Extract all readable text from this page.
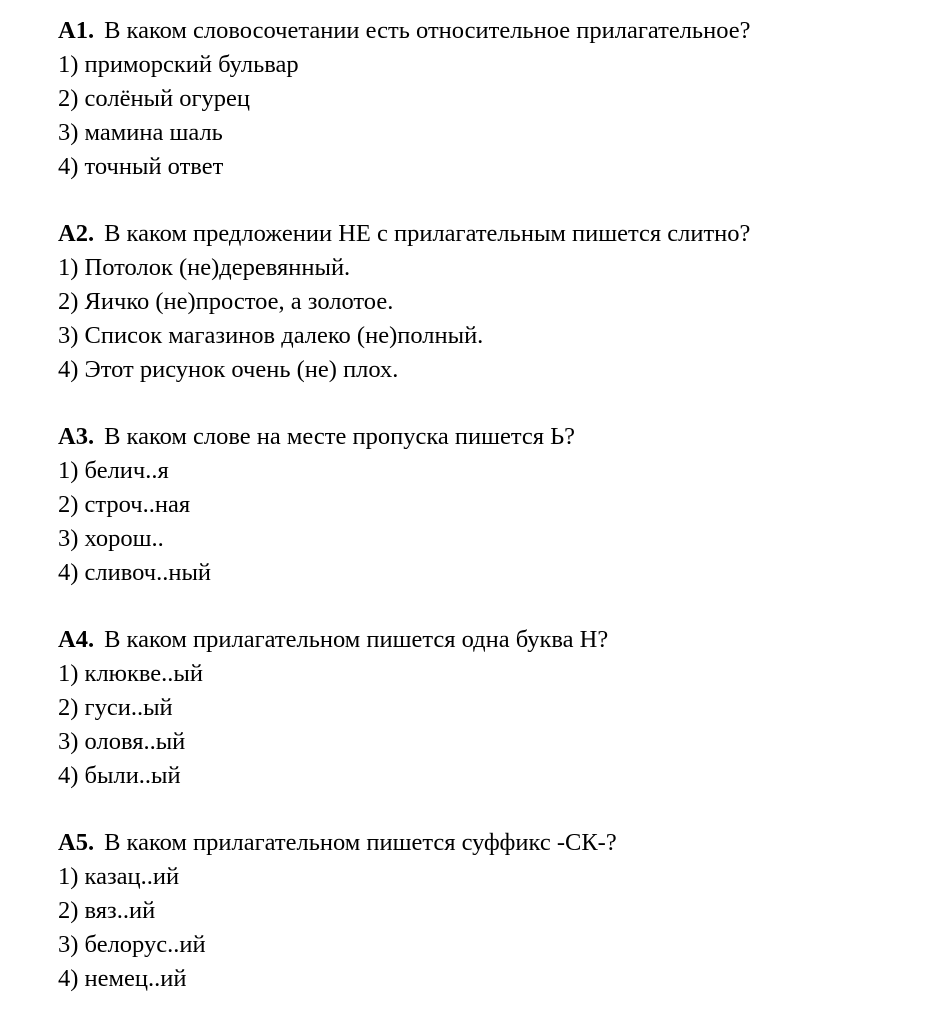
А1. В каком словосочетании есть относительное прилагательное?
1) приморский бульвар
2) солёный огурец
3) мамина шаль
4) точный ответ
А2. В каком предложении НЕ с прилагательным пишется слитно?
1) Потолок (не)деревянный.
2) Яичко (не)простое, а золотое.
3) Список магазинов далеко (не)полный.
4) Этот рисунок очень (не) плох.
А3. В каком слове на месте пропуска пишется Ь?
1) белич..я
2) строч..ная
3) хорош..
4) сливоч..ный
А4. В каком прилагательном пишется одна буква Н?
1) клюкве..ый
2) гуси..ый
3) оловя..ый
4) были..ый
А5. В каком прилагательном пишется суффикс -СК-?
1) казац..ий
2) вяз..ий
3) белорус..ий
4) немец..ий
